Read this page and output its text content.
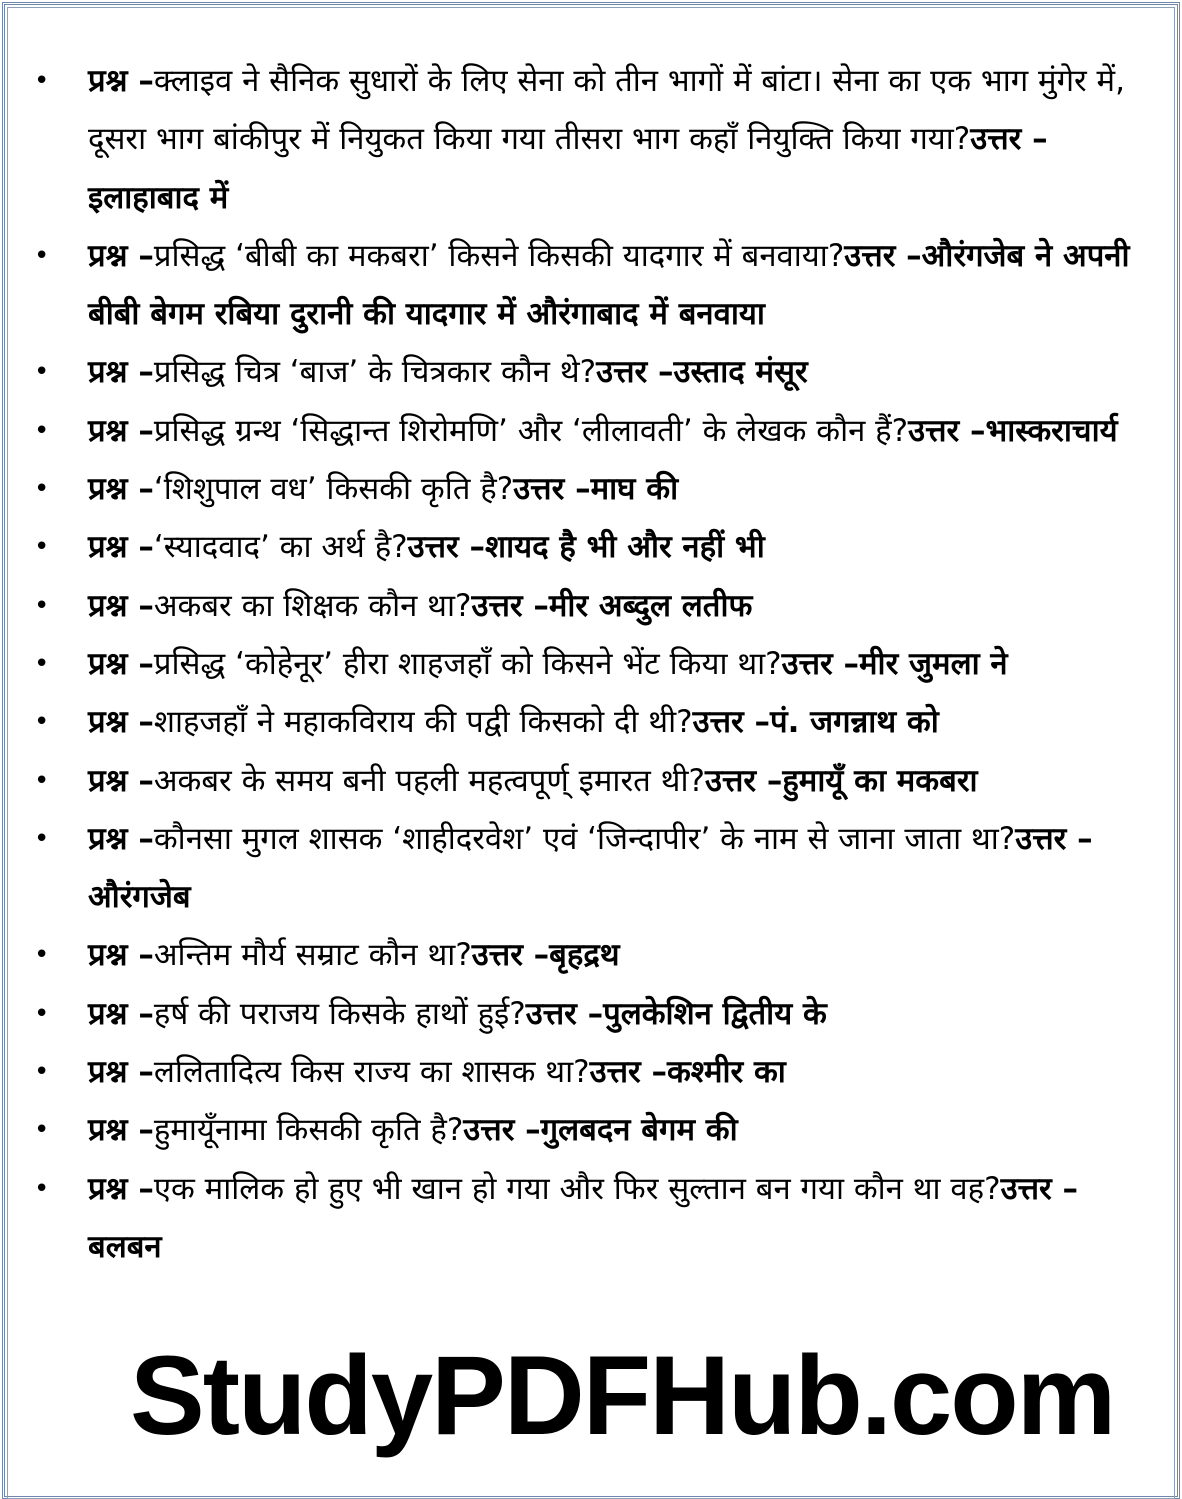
• प्रश्न –क्लाइव ने सैनिक सुधारों के लिए सेना को तीन भागों में बांटा। सेना का एक भाग मुंगेर में, दूसरा भाग बांकीपुर में नियुकत किया गया तीसरा भाग कहाँ नियुक्ति किया गया?उत्तर –इलाहाबाद में
• प्रश्न –प्रसिद्ध ‘बीबी का मकबरा’ किसने किसकी यादगार में बनवाया?उत्तर –औरंगजेब ने अपनी बीबी बेगम रबिया दुरानी की यादगार में औरंगाबाद में बनवाया
• प्रश्न –प्रसिद्ध चित्र ‘बाज’ के चित्रकार कौन थे?उत्तर –उस्ताद मंसूर
• प्रश्न –प्रसिद्ध ग्रन्थ ‘सिद्धान्त शिरोमणि’ और ‘लीलावती’ के लेखक कौन हैं?उत्तर –भास्कराचार्य
• प्रश्न –‘शिशुपाल वध’ किसकी कृति है?उत्तर –माघ की
• प्रश्न –‘स्यादवाद’ का अर्थ है?उत्तर –शायद है भी और नहीं भी
• प्रश्न –अकबर का शिक्षक कौन था?उत्तर –मीर अब्दुल लतीफ
• प्रश्न –प्रसिद्ध ‘कोहेनूर’ हीरा शाहजहाँ को किसने भेंट किया था?उत्तर –मीर जुमला ने
• प्रश्न –शाहजहाँ ने महाकविराय की पद्वी किसको दी थी?उत्तर –पं. जगन्नाथ को
• प्रश्न –अकबर के समय बनी पहली महत्वपूर्ण् इमारत थी?उत्तर –हुमायूँ का मकबरा
• प्रश्न –कौनसा मुगल शासक ‘शाहीदरवेश’ एवं ‘जिन्दापीर’ के नाम से जाना जाता था?उत्तर –औरंगजेब
• प्रश्न –अन्तिम मौर्य सम्राट कौन था?उत्तर –बृहद्रथ
• प्रश्न –हर्ष की पराजय किसके हाथों हुई?उत्तर –पुलकेशिन द्वितीय के
• प्रश्न –ललितादित्य किस राज्य का शासक था?उत्तर –कश्मीर का
• प्रश्न –हुमायूँनामा किसकी कृति है?उत्तर –गुलबदन बेगम की
• प्रश्न –एक मालिक हो हुए भी खान हो गया और फिर सुल्तान बन गया कौन था वह?उत्तर –बलबन
StudyPDFHub.com
